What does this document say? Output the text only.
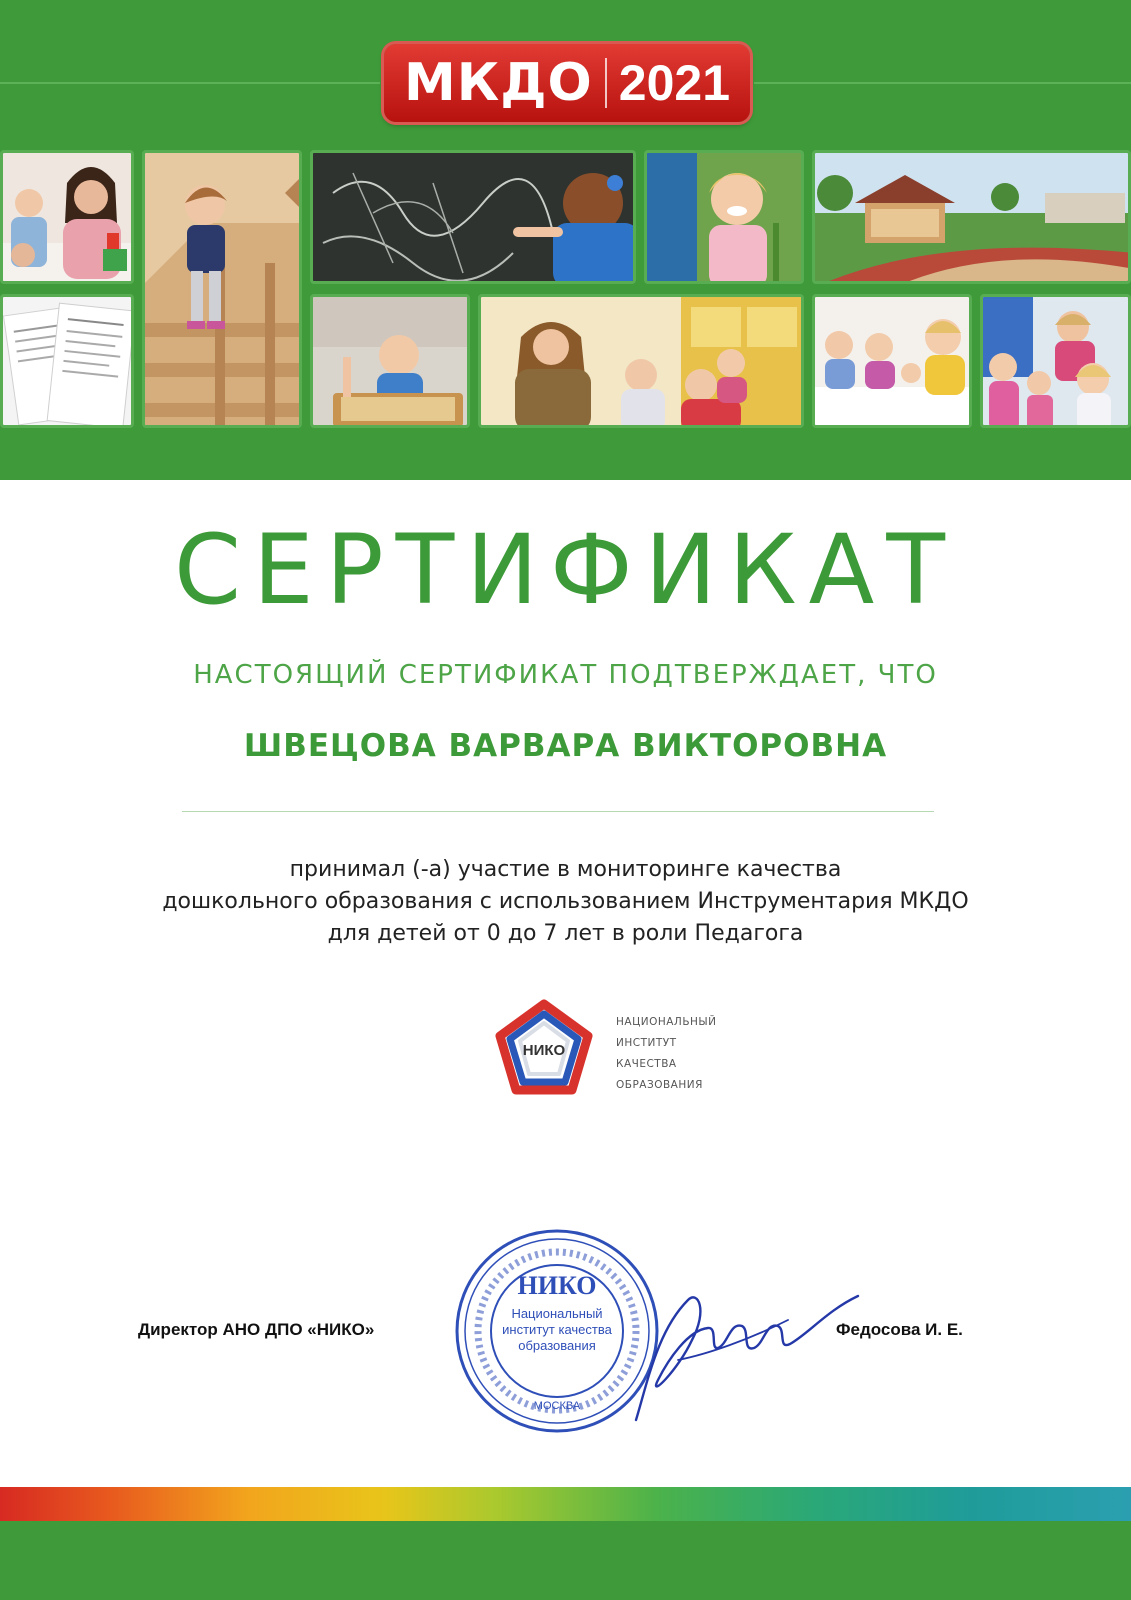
МКДО 2021
СЕРТИФИКАТ
НАСТОЯЩИЙ СЕРТИФИКАТ ПОДТВЕРЖДАЕТ, ЧТО
ШВЕЦОВА ВАРВАРА ВИКТОРОВНА
принимал (-а) участие в мониторинге качества
дошкольного образования с использованием Инструментария МКДО
для детей от 0 до 7 лет в роли Педагога
НИКО
НАЦИОНАЛЬНЫЙ
ИНСТИТУТ
КАЧЕСТВА
ОБРАЗОВАНИЯ
Директор АНО ДПО «НИКО»
НИКО
Национальный
институт качества
образования
МОСКВА
Федосова И. Е.
